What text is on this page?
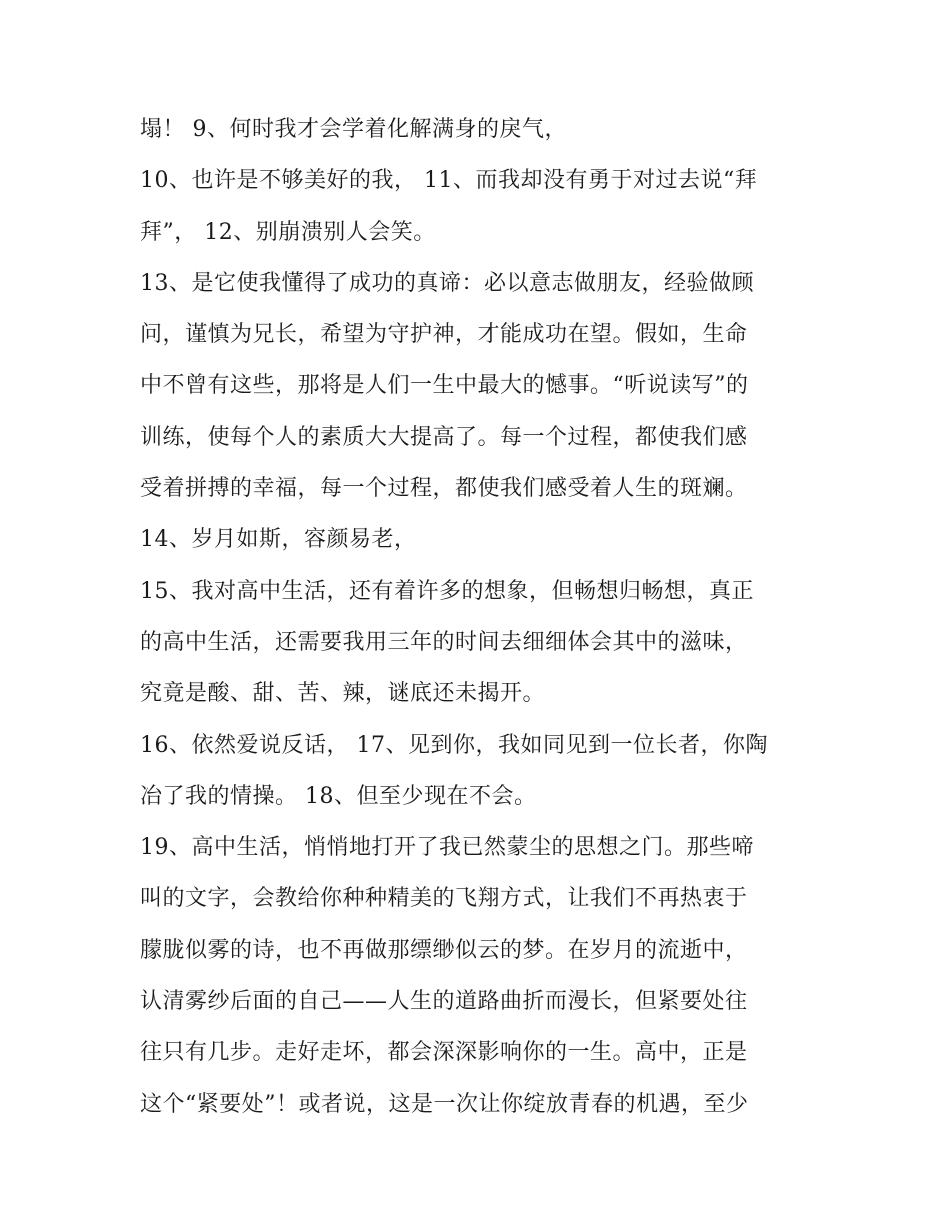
塌！ 9、何时我才会学着化解满身的戾气，
10、也许是不够美好的我， 11、而我却没有勇于对过去说“拜
拜”， 12、别崩溃别人会笑。
13、是它使我懂得了成功的真谛：必以意志做朋友，经验做顾
问，谨慎为兄长，希望为守护神，才能成功在望。假如，生命
中不曾有这些，那将是人们一生中最大的憾事。“听说读写”的
训练，使每个人的素质大大提高了。每一个过程，都使我们感
受着拼搏的幸福，每一个过程，都使我们感受着人生的斑斓。
14、岁月如斯，容颜易老，
15、我对高中生活，还有着许多的想象，但畅想归畅想，真正
的高中生活，还需要我用三年的时间去细细体会其中的滋味，
究竟是酸、甜、苦、辣，谜底还未揭开。
16、依然爱说反话， 17、见到你，我如同见到一位长者，你陶
冶了我的情操。 18、但至少现在不会。
19、高中生活，悄悄地打开了我已然蒙尘的思想之门。那些啼
叫的文字，会教给你种种精美的飞翔方式，让我们不再热衷于
朦胧似雾的诗，也不再做那缥缈似云的梦。在岁月的流逝中，
认清雾纱后面的自己——人生的道路曲折而漫长，但紧要处往
往只有几步。走好走坏，都会深深影响你的一生。高中，正是
这个“紧要处”！或者说，这是一次让你绽放青春的机遇，至少
